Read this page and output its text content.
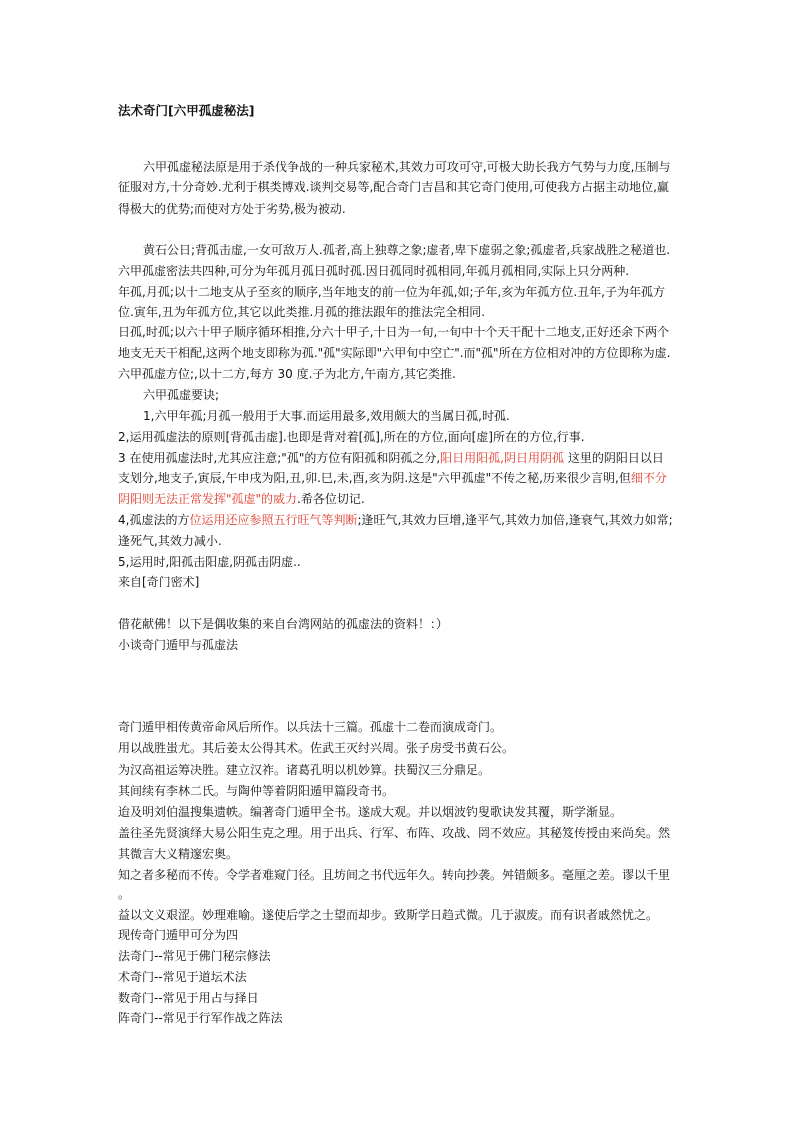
法术奇门[六甲孤虚秘法]
六甲孤虚秘法原是用于杀伐争战的一种兵家秘术,其效力可攻可守,可极大助长我方气势与力度,压制与
征服对方,十分奇妙.尤利于棋类博戏.谈判交易等,配合奇门吉昌和其它奇门使用,可使我方占据主动地位,赢
得极大的优势;而使对方处于劣势,极为被动.
黄石公日;背孤击虚,一女可敌万人.孤者,高上独尊之象;虚者,卑下虚弱之象;孤虚者,兵家战胜之秘道也.
六甲孤虚密法共四种,可分为年孤月孤日孤时孤.因日孤同时孤相同,年孤月孤相同,实际上只分两种.
年孤,月孤;以十二地支从子至亥的顺序,当年地支的前一位为年孤,如;子年,亥为年孤方位.丑年,子为年孤方
位.寅年,丑为年孤方位,其它以此类推.月孤的推法跟年的推法完全相同.
日孤,时孤;以六十甲子顺序循环相推,分六十甲子,十日为一旬,一旬中十个天干配十二地支,正好还余下两个
地支无天干相配,这两个地支即称为孤."孤"实际即"六甲旬中空亡".而"孤"所在方位相对冲的方位即称为虚.
六甲孤虚方位;,以十二方,每方 30 度.子为北方,午南方,其它类推.
六甲孤虚要诀;
1,六甲年孤;月孤一般用于大事.而运用最多,效用颇大的当属日孤,时孤.
2,运用孤虚法的原则[背孤击虚].也即是背对着[孤],所在的方位,面向[虚]所在的方位,行事.
3 在使用孤虚法时,尤其应注意;"孤"的方位有阳孤和阴孤之分,阳日用阳孤,阴日用阴孤 这里的阴阳日以日
支划分,地支子,寅辰,午申戌为阳,丑,卯.巳,未,酉,亥为阴.这是"六甲孤虚"不传之秘,历来很少言明,但细不分
阴阳则无法正常发挥"孤虚"的威力.希各位切记.
4,孤虚法的方位运用还应参照五行旺气等判断;逢旺气,其效力巨增,逢平气,其效力加倍,逢衰气,其效力如常;
逢死气,其效力减小.
5,运用时,阳孤击阳虚,阴孤击阴虚..
来自[奇门密术]
借花献佛！以下是偶收集的来自台湾网站的孤虚法的资料！：）
小谈奇门遁甲与孤虚法
奇门遁甲相传黄帝命风后所作。以兵法十三篇。孤虚十二卷而演成奇门。
用以战胜蚩尤。其后姜太公得其术。佐武王灭纣兴周。张子房受书黄石公。
为汉高祖运筹决胜。建立汉祚。诸葛孔明以机妙算。扶蜀汉三分鼎足。
其间续有李林二氏。与陶仲等着阴阳遁甲篇段奇书。
迨及明刘伯温搜集遗帙。编著奇门遁甲全书。遂成大观。并以烟波钓叟歌诀发其覆，斯学渐显。
盖往圣先贤演绎大易公阳生克之理。用于出兵、行军、布阵、攻战、罔不效应。其秘笈传授由来尚矣。然
其微言大义精邃宏奥。
知之者多秘而不传。令学者难窥门径。且坊间之书代远年久。转向抄袭。舛错颇多。毫厘之差。谬以千里
。
益以文义艰涩。妙理难喻。遂使后学之士望而却步。致斯学日趋式微。几于淑废。而有识者戚然忧之。
现传奇门遁甲可分为四
法奇门--常见于佛门秘宗修法
术奇门--常见于道坛术法
数奇门--常见于用占与择日
阵奇门--常见于行军作战之阵法
